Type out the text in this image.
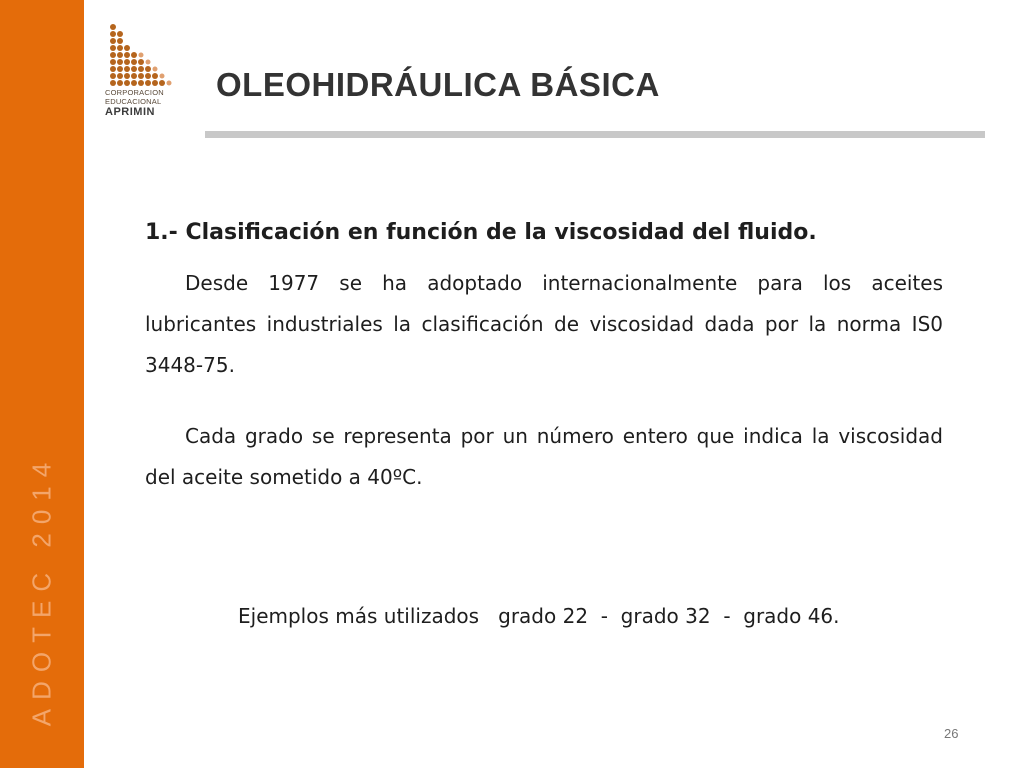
ADOTEC 2014
CORPORACION
EDUCACIONAL
APRIMIN
OLEOHIDRÁULICA BÁSICA
1.- Clasificación en función de la viscosidad del fluido.

Desde 1977 se ha adoptado internacionalmente para los aceites lubricantes industriales la clasificación de viscosidad dada por la norma IS0 3448-75.

Cada grado se representa por un número entero que indica la viscosidad del aceite sometido a 40ºC.

Ejemplos más utilizados   grado 22  -  grado 32  -  grado 46.
26
